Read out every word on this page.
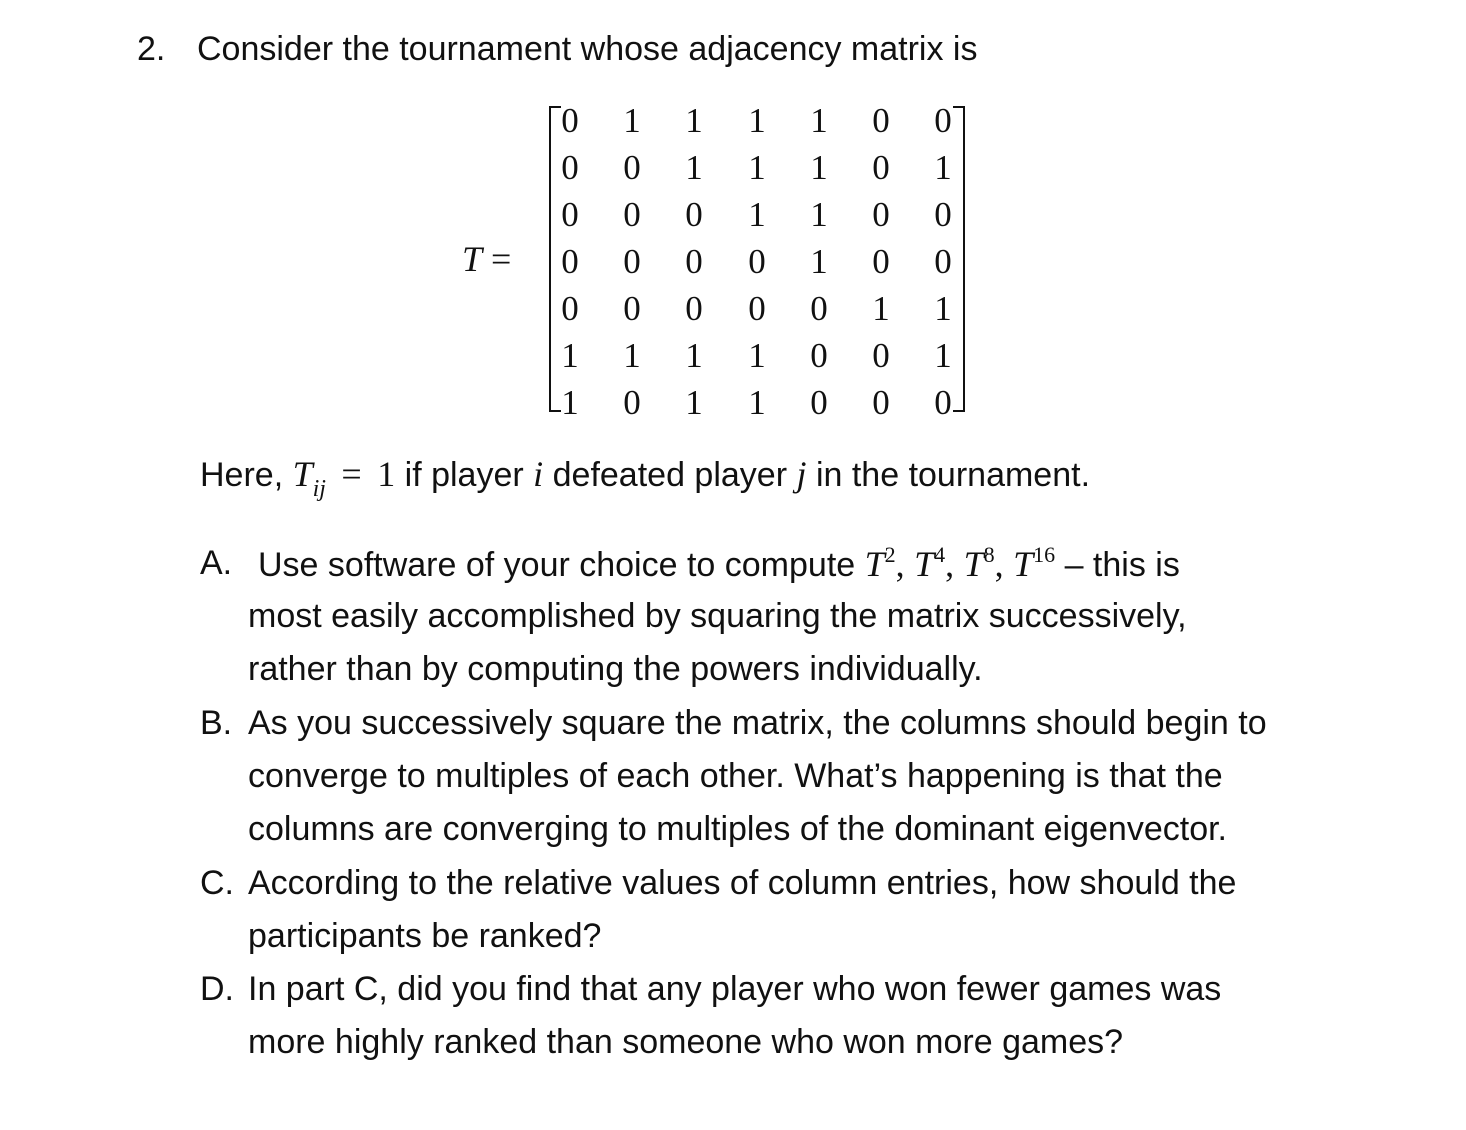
2. Consider the tournament whose adjacency matrix is
T =
0	1	1	1	1	0	0
0	0	1	1	1	0	1
0	0	0	1	1	0	0
0	0	0	0	1	0	0
0	0	0	0	0	1	1
1	1	1	1	0	0	1
1	0	1	1	0	0	0
Here, $T_{ij} = 1$ if player i defeated player j in the tournament.
A. Use software of your choice to compute $T^2$, $T^4$, $T^8$, $T^{16}$ – this is
most easily accomplished by squaring the matrix successively,
rather than by computing the powers individually.
B. As you successively square the matrix, the columns should begin to
converge to multiples of each other. What’s happening is that the
columns are converging to multiples of the dominant eigenvector.
C. According to the relative values of column entries, how should the
participants be ranked?
D. In part C, did you find that any player who won fewer games was
more highly ranked than someone who won more games?
